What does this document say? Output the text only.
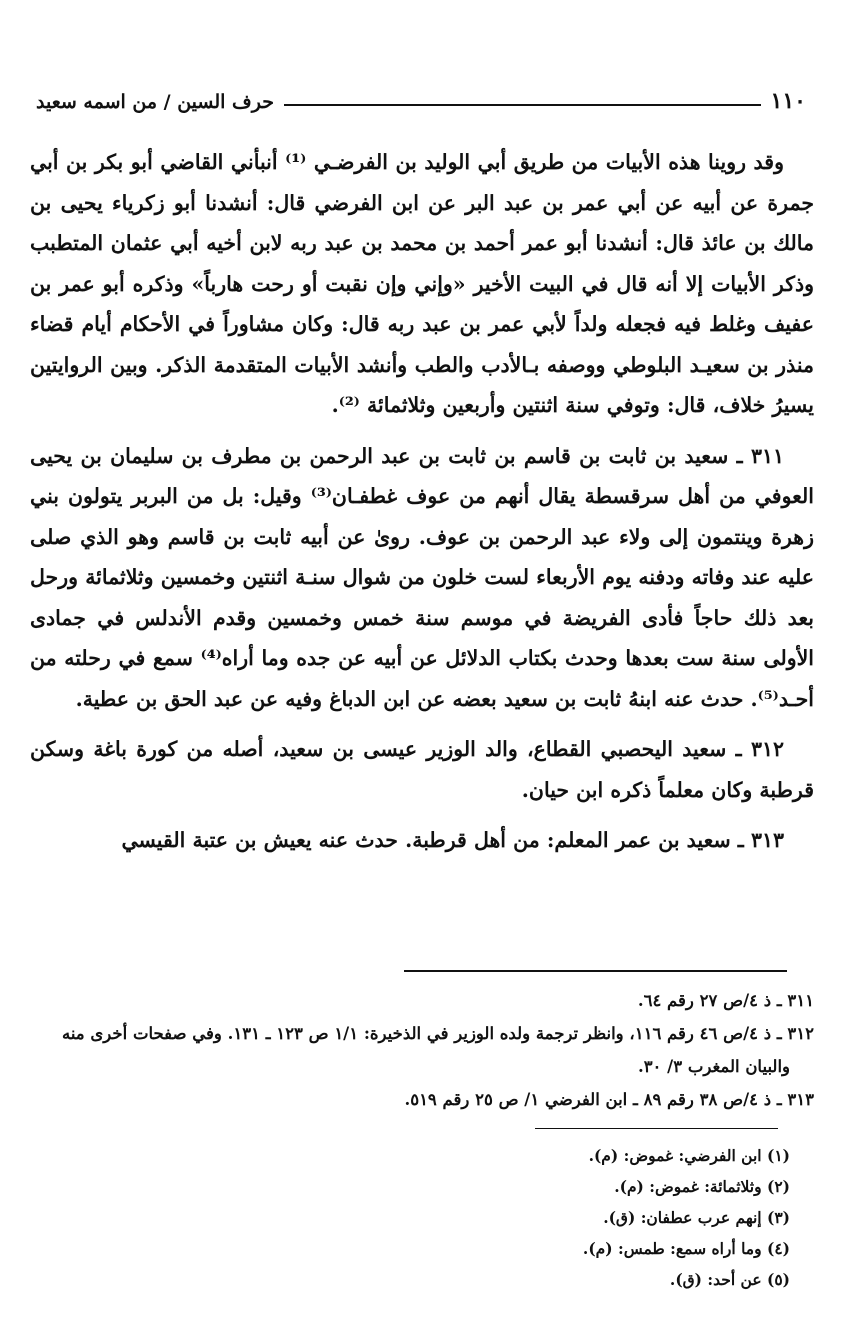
١١٠
حرف السين / من اسمه سعيد

وقد روينا هذه الأبيات من طريق أبي الوليد بن الفرضـي ⁽¹⁾ أنبأني القاضي أبو بكر بن أبي جمرة عن أبيه عن أبي عمر بن عبد البر عن ابن الفرضي قال: أنشدنا أبو زكرياء يحيى بن مالك بن عائذ قال: أنشدنا أبو عمر أحمد بن محمد بن عبد ربه لابن أخيه أبي عثمان المتطبب وذكر الأبيات إلا أنه قال في البيت الأخير «وإني وإن نقبت أو رحت هارباً» وذكره أبو عمر بن عفيف وغلط فيه فجعله ولداً لأبي عمر بن عبد ربه قال: وكان مشاوراً في الأحكام أيام قضاء منذر بن سعيـد البلوطي ووصفه بـالأدب والطب وأنشد الأبيات المتقدمة الذكر. وبين الروايتين يسيرُ خلاف، قال: وتوفي سنة اثنتين وأربعين وثلاثمائة ⁽²⁾.

٣١١ ـ سعيد بن ثابت بن قاسم بن ثابت بن عبد الرحمن بن مطرف بن سليمان بن يحيى العوفي من أهل سرقسطة يقال أنهم من عوف غطفـان⁽³⁾ وقيل: بل من البربر يتولون بني زهرة وينتمون إلى ولاء عبد الرحمن بن عوف. روىٰ عن أبيه ثابت بن قاسم وهو الذي صلى عليه عند وفاته ودفنه يوم الأربعاء لست خلون من شوال سنـة اثنتين وخمسين وثلاثمائة ورحل بعد ذلك حاجاً فأدى الفريضة في موسم سنة خمس وخمسين وقدم الأندلس في جمادى الأولى سنة ست بعدها وحدث بكتاب الدلائل عن أبيه عن جده وما أراه⁽⁴⁾ سمع في رحلته من أحـد⁽⁵⁾. حدث عنه ابنهُ ثابت بن سعيد بعضه عن ابن الدباغ وفيه عن عبد الحق بن عطية.

٣١٢ ـ سعيد اليحصبي القطاع، والد الوزير عيسى بن سعيد، أصله من كورة باغة وسكن قرطبة وكان معلماً ذكره ابن حيان.

٣١٣ ـ سعيد بن عمر المعلم: من أهل قرطبة. حدث عنه يعيش بن عتبة القيسي

٣١١ ـ ذ ٤/ص ٢٧ رقم ٦٤.
٣١٢ ـ ذ ٤/ص ٤٦ رقم ١١٦، وانظر ترجمة ولده الوزير في الذخيرة: ١/١ ص ١٢٣ ـ ١٣١. وفي صفحات أخرى منه والبيان المغرب ٣/ ٣٠.
٣١٣ ـ ذ ٤/ص ٣٨ رقم ٨٩ ـ ابن الفرضي ١/ ص ٢٥ رقم ٥١٩.
(١) ابن الفرضي: غموض: (م).
(٢) وثلاثمائة: غموض: (م).
(٣) إنهم عرب عطفان: (ق).
(٤) وما أراه سمع: طمس: (م).
(٥) عن أحد: (ق).
